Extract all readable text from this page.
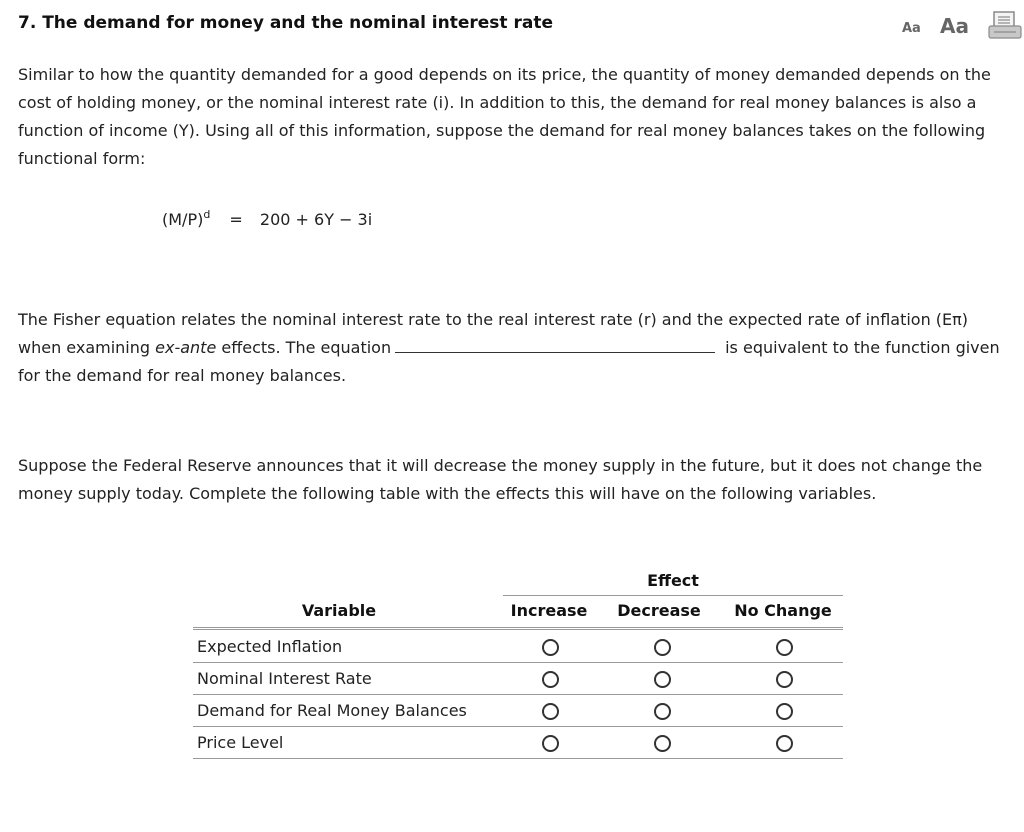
7. The demand for money and the nominal interest rate	Aa Aa

Similar to how the quantity demanded for a good depends on its price, the quantity of money demanded depends on the cost of holding money, or the nominal interest rate (i). In addition to this, the demand for real money balances is also a function of income (Y). Using all of this information, suppose the demand for real money balances takes on the following functional form:

$(M/P)^d = 200 + 6Y - 3i$

The Fisher equation relates the nominal interest rate to the real interest rate (r) and the expected rate of inflation (Eπ) when examining ex-ante effects. The equation	is equivalent to the function given for the demand for real money balances.

Suppose the Federal Reserve announces that it will decrease the money supply in the future, but it does not change the money supply today. Complete the following table with the effects this will have on the following variables.

Effect
Variable	Increase	Decrease	No Change
Expected Inflation
Nominal Interest Rate
Demand for Real Money Balances
Price Level
